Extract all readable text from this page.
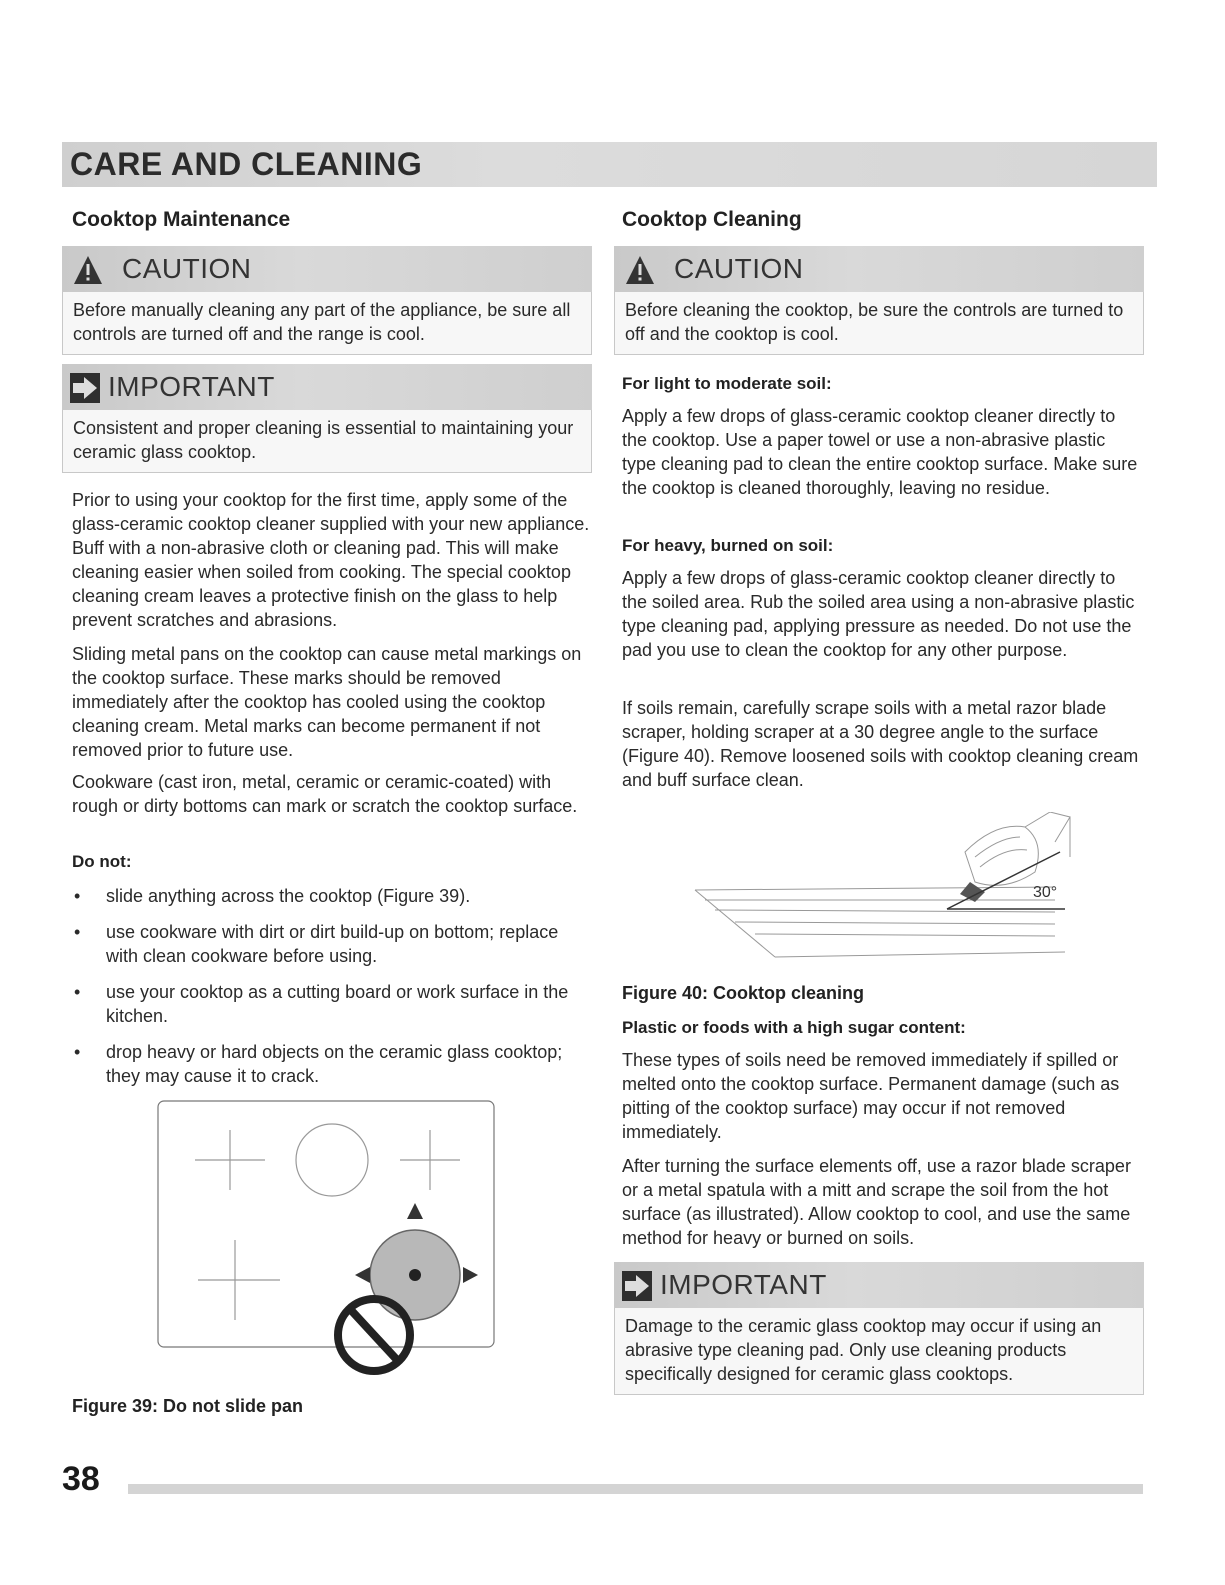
CARE AND CLEANING
Cooktop Maintenance
CAUTION
Before manually cleaning any part of the appliance, be sure all controls are turned off and the range is cool.
IMPORTANT
Consistent and proper cleaning is essential to maintaining your ceramic glass cooktop.
Prior to using your cooktop for the first time, apply some of the glass-ceramic cooktop cleaner supplied with your new appliance. Buff with a non-abrasive cloth or cleaning pad. This will make cleaning easier when soiled from cooking. The special cooktop cleaning cream leaves a protective finish on the glass to help prevent scratches and abrasions.
Sliding metal pans on the cooktop can cause metal markings on the cooktop surface. These marks should be removed immediately after the cooktop has cooled using the cooktop cleaning cream. Metal marks can become permanent if not removed prior to future use.
Cookware (cast iron, metal, ceramic or ceramic-coated) with rough or dirty bottoms can mark or scratch the cooktop surface.
Do not:
• slide anything across the cooktop (Figure 39).
• use cookware with dirt or dirt build-up on bottom; replace with clean cookware before using.
• use your cooktop as a cutting board or work surface in the kitchen.
• drop heavy or hard objects on the ceramic glass cooktop; they may cause it to crack.
Figure 39: Do not slide pan
Cooktop Cleaning
CAUTION
Before cleaning the cooktop, be sure the controls are turned to off and the cooktop is cool.
For light to moderate soil:
Apply a few drops of glass-ceramic cooktop cleaner directly to the cooktop. Use a paper towel or use a non-abrasive plastic type cleaning pad to clean the entire cooktop surface. Make sure the cooktop is cleaned thoroughly, leaving no residue.
For heavy, burned on soil:
Apply a few drops of glass-ceramic cooktop cleaner directly to the soiled area. Rub the soiled area using a non-abrasive plastic type cleaning pad, applying pressure as needed. Do not use the pad you use to clean the cooktop for any other purpose.
If soils remain, carefully scrape soils with a metal razor blade scraper, holding scraper at a 30 degree angle to the surface (Figure 40). Remove loosened soils with cooktop cleaning cream and buff surface clean.
30°
Figure 40: Cooktop cleaning
Plastic or foods with a high sugar content:
These types of soils need be removed immediately if spilled or melted onto the cooktop surface. Permanent damage (such as pitting of the cooktop surface) may occur if not removed immediately.
After turning the surface elements off, use a razor blade scraper or a metal spatula with a mitt and scrape the soil from the hot surface (as illustrated). Allow cooktop to cool, and use the same method for heavy or burned on soils.
IMPORTANT
Damage to the ceramic glass cooktop may occur if using an abrasive type cleaning pad. Only use cleaning products specifically designed for ceramic glass cooktops.
38
